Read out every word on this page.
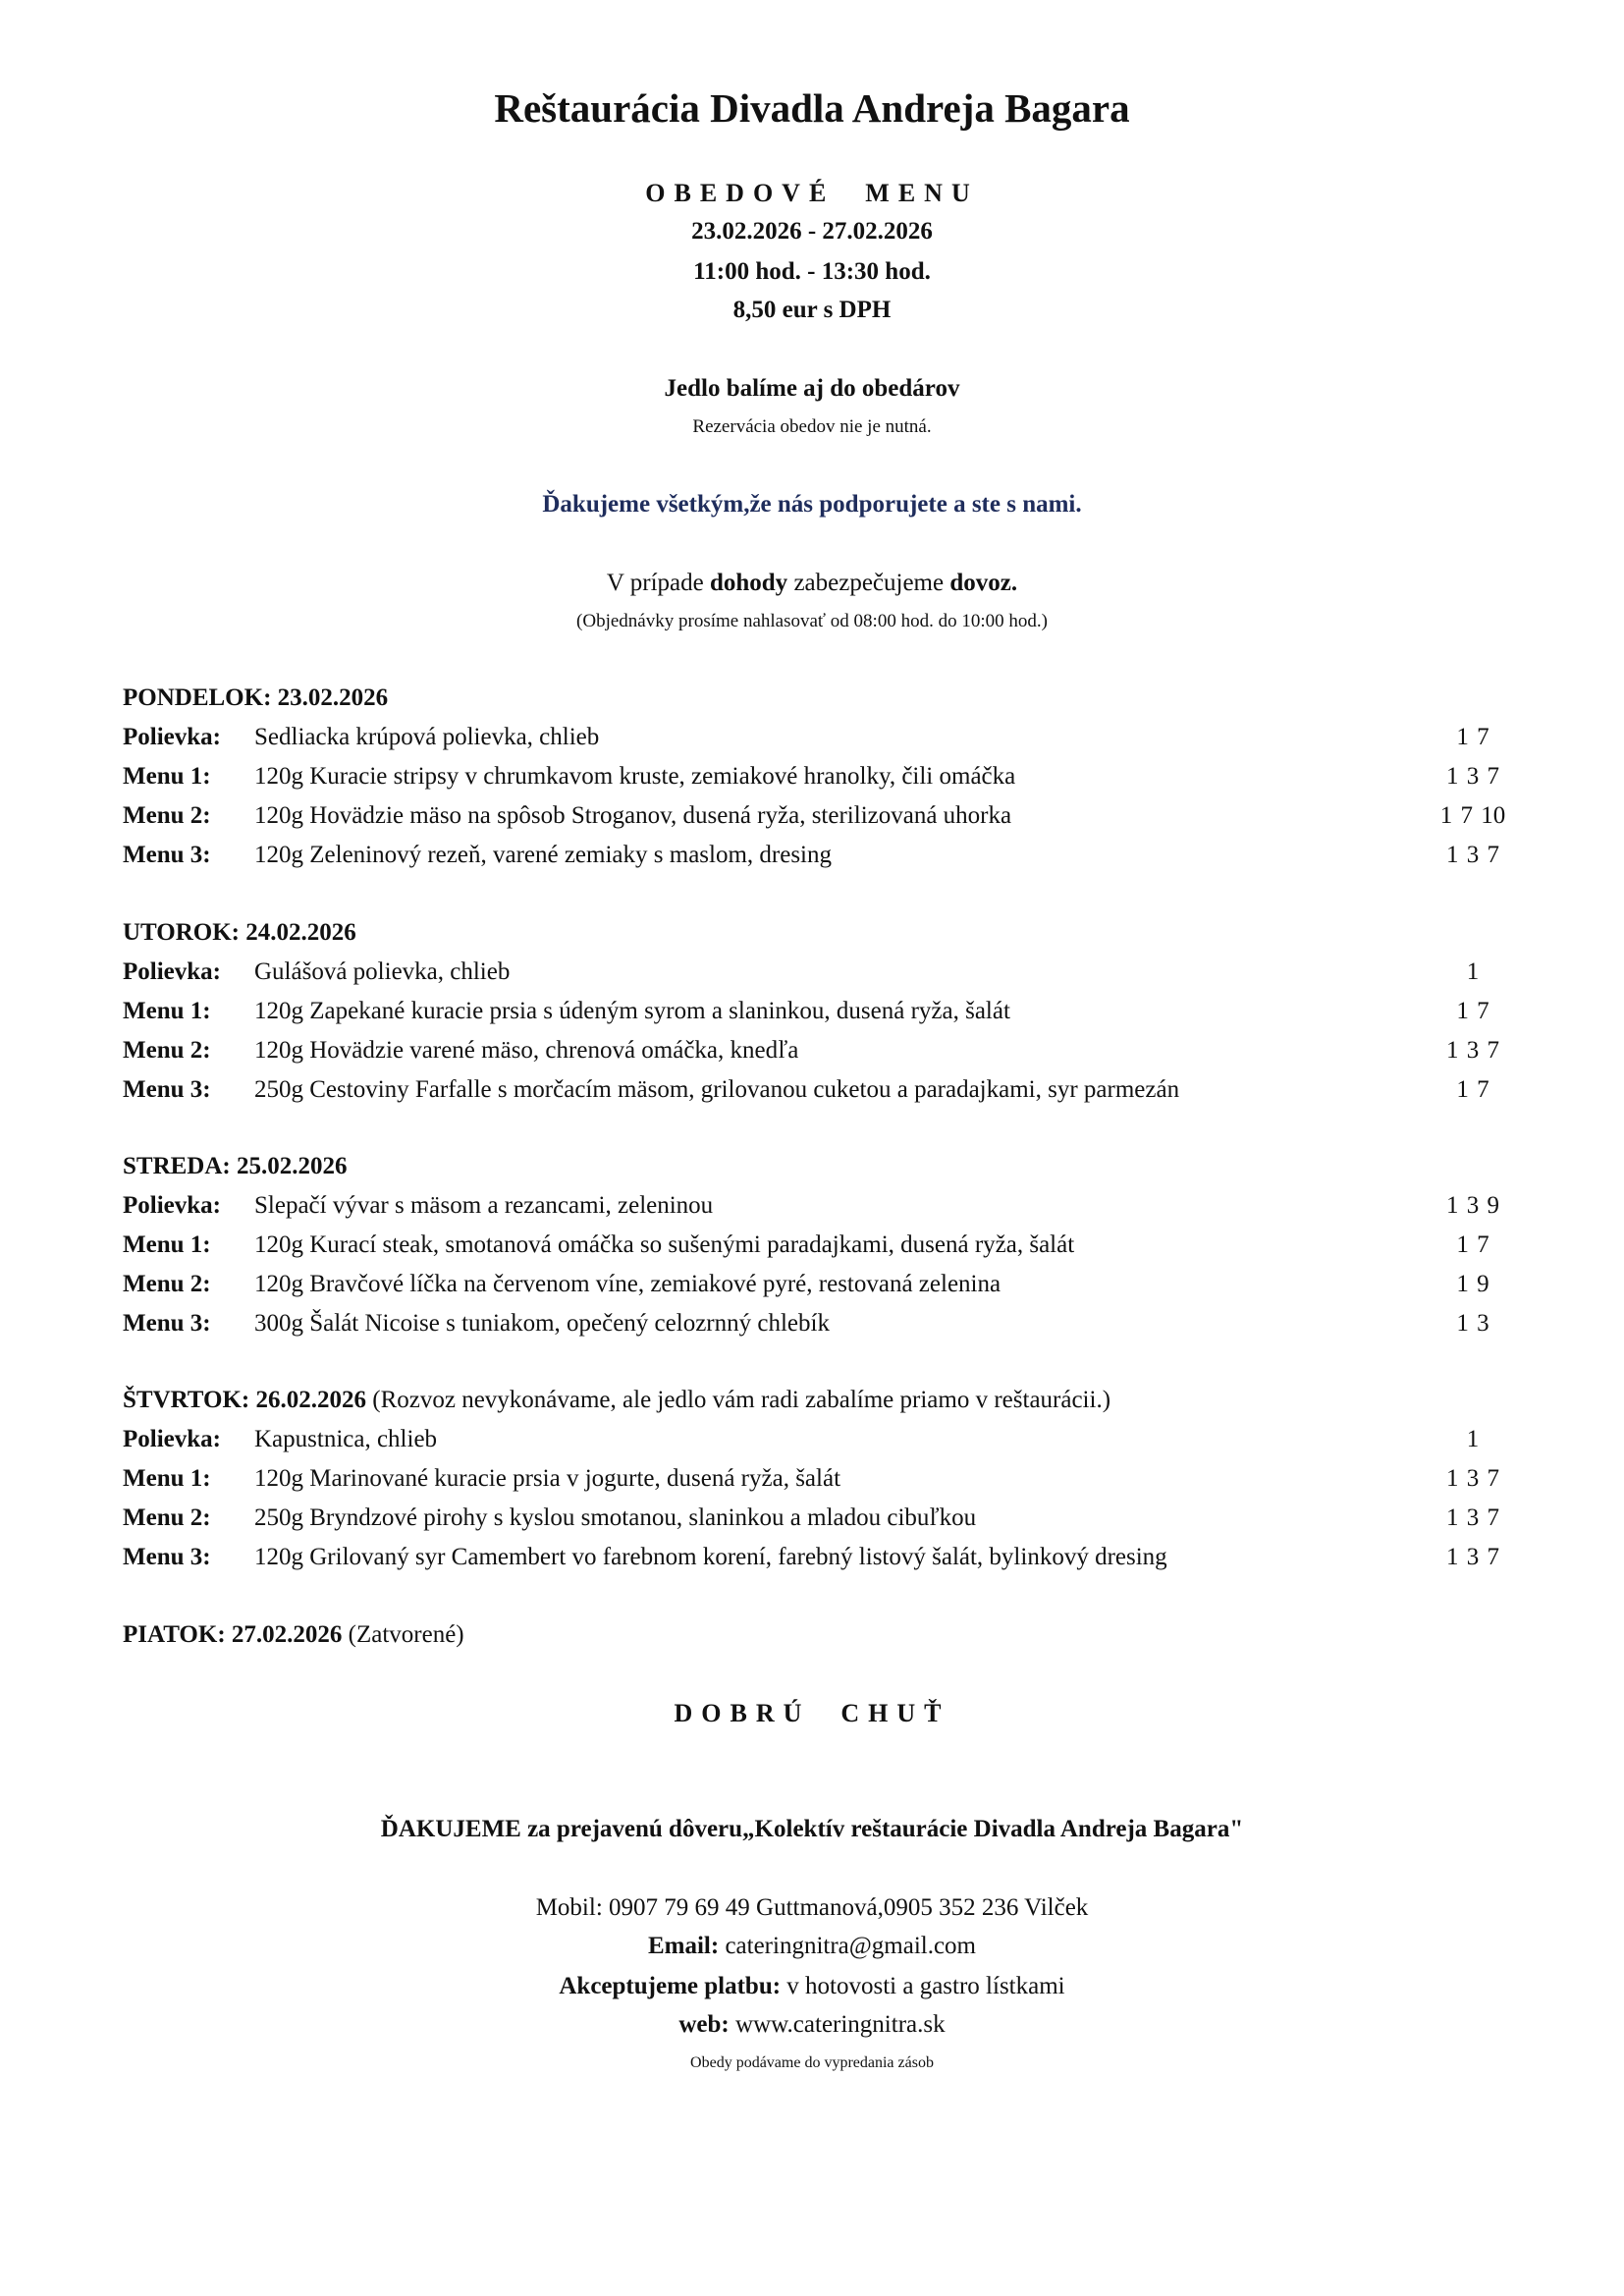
Reštaurácia Divadla Andreja Bagara
OBEDOVÉ  MENU
23.02.2026 - 27.02.2026
11:00 hod. - 13:30 hod.
8,50 eur s DPH
Jedlo balíme aj do obedárov
Rezervácia obedov nie je nutná.
Ďakujeme všetkým,že nás podporujete a ste s nami.
V prípade dohody zabezpečujeme dovoz.
(Objednávky prosíme nahlasovať od 08:00 hod. do 10:00 hod.)
PONDELOK: 23.02.2026
Polievka: Sedliacka krúpová polievka, chlieb	1 7
Menu 1: 120g Kuracie stripsy v chrumkavom kruste, zemiakové hranolky, čili omáčka	1 3 7
Menu 2: 120g Hovädzie mäso na spôsob Stroganov, dusená ryža, sterilizovaná uhorka	1 7 10
Menu 3: 120g Zeleninový rezeň, varené zemiaky s maslom, dresing	1 3 7
UTOROK: 24.02.2026
Polievka: Gulášová polievka, chlieb	1
Menu 1: 120g Zapekané kuracie prsia s údeným syrom a slaninkou, dusená ryža, šalát	1 7
Menu 2: 120g Hovädzie varené mäso, chrenová omáčka, knedľa	1 3 7
Menu 3: 250g Cestoviny Farfalle s morčacím mäsom, grilovanou cuketou a paradajkami, syr parmezán	1 7
STREDA: 25.02.2026
Polievka: Slepačí vývar s mäsom a rezancami, zeleninou	1 3 9
Menu 1: 120g Kurací steak, smotanová omáčka so sušenými paradajkami, dusená ryža, šalát	1 7
Menu 2: 120g Bravčové líčka na červenom víne, zemiakové pyré, restovaná zelenina	1 9
Menu 3: 300g Šalát Nicoise s tuniakom, opečený celozrnný chlebík	1 3
ŠTVRTOK: 26.02.2026 (Rozvoz nevykonávame, ale jedlo vám radi zabalíme priamo v reštaurácii.)
Polievka: Kapustnica, chlieb	1
Menu 1: 120g Marinované kuracie prsia v jogurte, dusená ryža, šalát	1 3 7
Menu 2: 250g Bryndzové pirohy s kyslou smotanou, slaninkou a mladou cibuľkou	1 3 7
Menu 3: 120g Grilovaný syr Camembert vo farebnom korení, farebný listový šalát, bylinkový dresing	1 3 7
PIATOK: 27.02.2026 (Zatvorené)
DOBRÚ  CHUŤ
ĎAKUJEME za prejavenú dôveru„Kolektív reštaurácie Divadla Andreja Bagara"
Mobil: 0907 79 69 49 Guttmanová,0905 352 236 Vilček
Email: cateringnitra@gmail.com
Akceptujeme platbu: v hotovosti a gastro lístkami
web: www.cateringnitra.sk
Obedy podávame do vypredania zásob
